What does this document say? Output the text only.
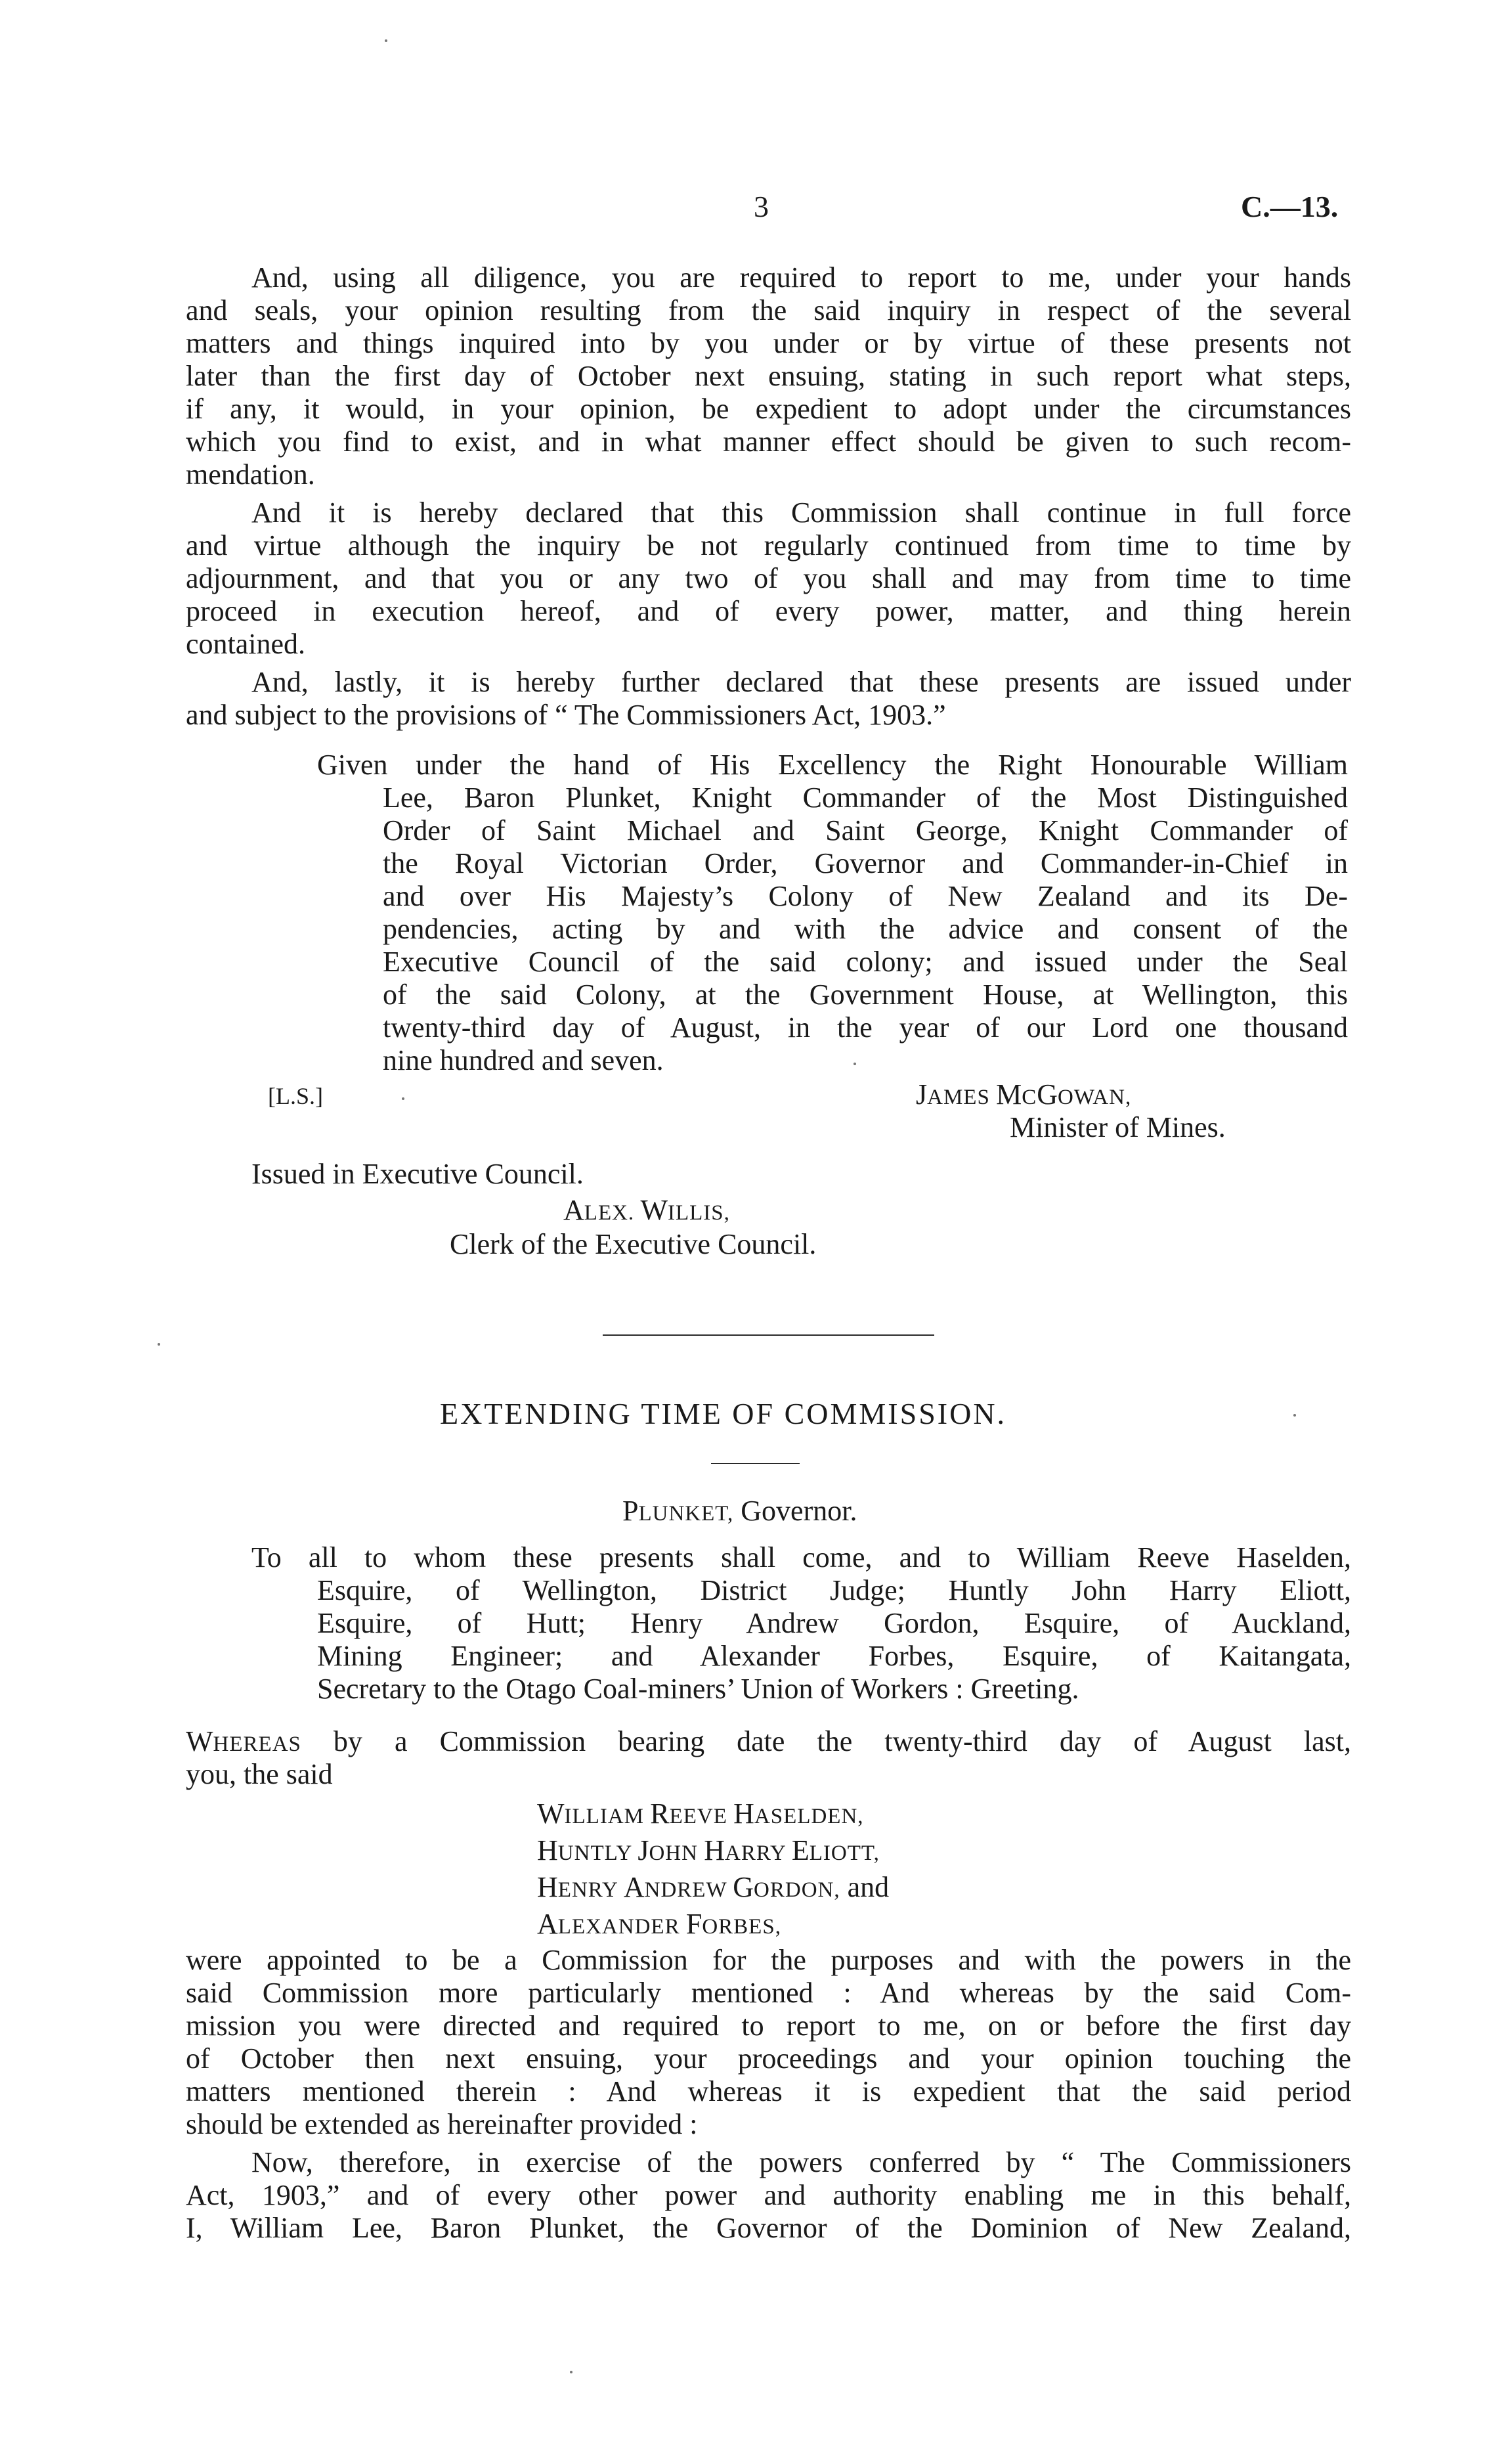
3	C.—13.
And, using all diligence, you are required to report to me, under your hands
and seals, your opinion resulting from the said inquiry in respect of the several
matters and things inquired into by you under or by virtue of these presents not
later than the first day of October next ensuing, stating in such report what steps,
if any, it would, in your opinion, be expedient to adopt under the circumstances
which you find to exist, and in what manner effect should be given to such recom-
mendation.
And it is hereby declared that this Commission shall continue in full force
and virtue although the inquiry be not regularly continued from time to time by
adjournment, and that you or any two of you shall and may from time to time
proceed in execution hereof, and of every power, matter, and thing herein
contained.
And, lastly, it is hereby further declared that these presents are issued under
and subject to the provisions of “ The Commissioners Act, 1903.”
Given under the hand of His Excellency the Right Honourable William
Lee, Baron Plunket, Knight Commander of the Most Distinguished
Order of Saint Michael and Saint George, Knight Commander of
the Royal Victorian Order, Governor and Commander-in-Chief in
and over His Majesty’s Colony of New Zealand and its De-
pendencies, acting by and with the advice and consent of the
Executive Council of the said colony; and issued under the Seal
of the said Colony, at the Government House, at Wellington, this
twenty-third day of August, in the year of our Lord one thousand
nine hundred and seven.
[L.S.]	JAMES MCGOWAN,
Minister of Mines.
Issued in Executive Council.
ALEX. WILLIS,
Clerk of the Executive Council.
EXTENDING TIME OF COMMISSION.
PLUNKET, Governor.
To all to whom these presents shall come, and to William Reeve Haselden,
Esquire, of Wellington, District Judge; Huntly John Harry Eliott,
Esquire, of Hutt; Henry Andrew Gordon, Esquire, of Auckland,
Mining Engineer; and Alexander Forbes, Esquire, of Kaitangata,
Secretary to the Otago Coal-miners’ Union of Workers : Greeting.
WHEREAS by a Commission bearing date the twenty-third day of August last,
you, the said
WILLIAM REEVE HASELDEN,
HUNTLY JOHN HARRY ELIOTT,
HENRY ANDREW GORDON, and
ALEXANDER FORBES,
were appointed to be a Commission for the purposes and with the powers in the
said Commission more particularly mentioned : And whereas by the said Com-
mission you were directed and required to report to me, on or before the first day
of October then next ensuing, your proceedings and your opinion touching the
matters mentioned therein : And whereas it is expedient that the said period
should be extended as hereinafter provided :
Now, therefore, in exercise of the powers conferred by “ The Commissioners
Act, 1903,” and of every other power and authority enabling me in this behalf,
I, William Lee, Baron Plunket, the Governor of the Dominion of New Zealand,
